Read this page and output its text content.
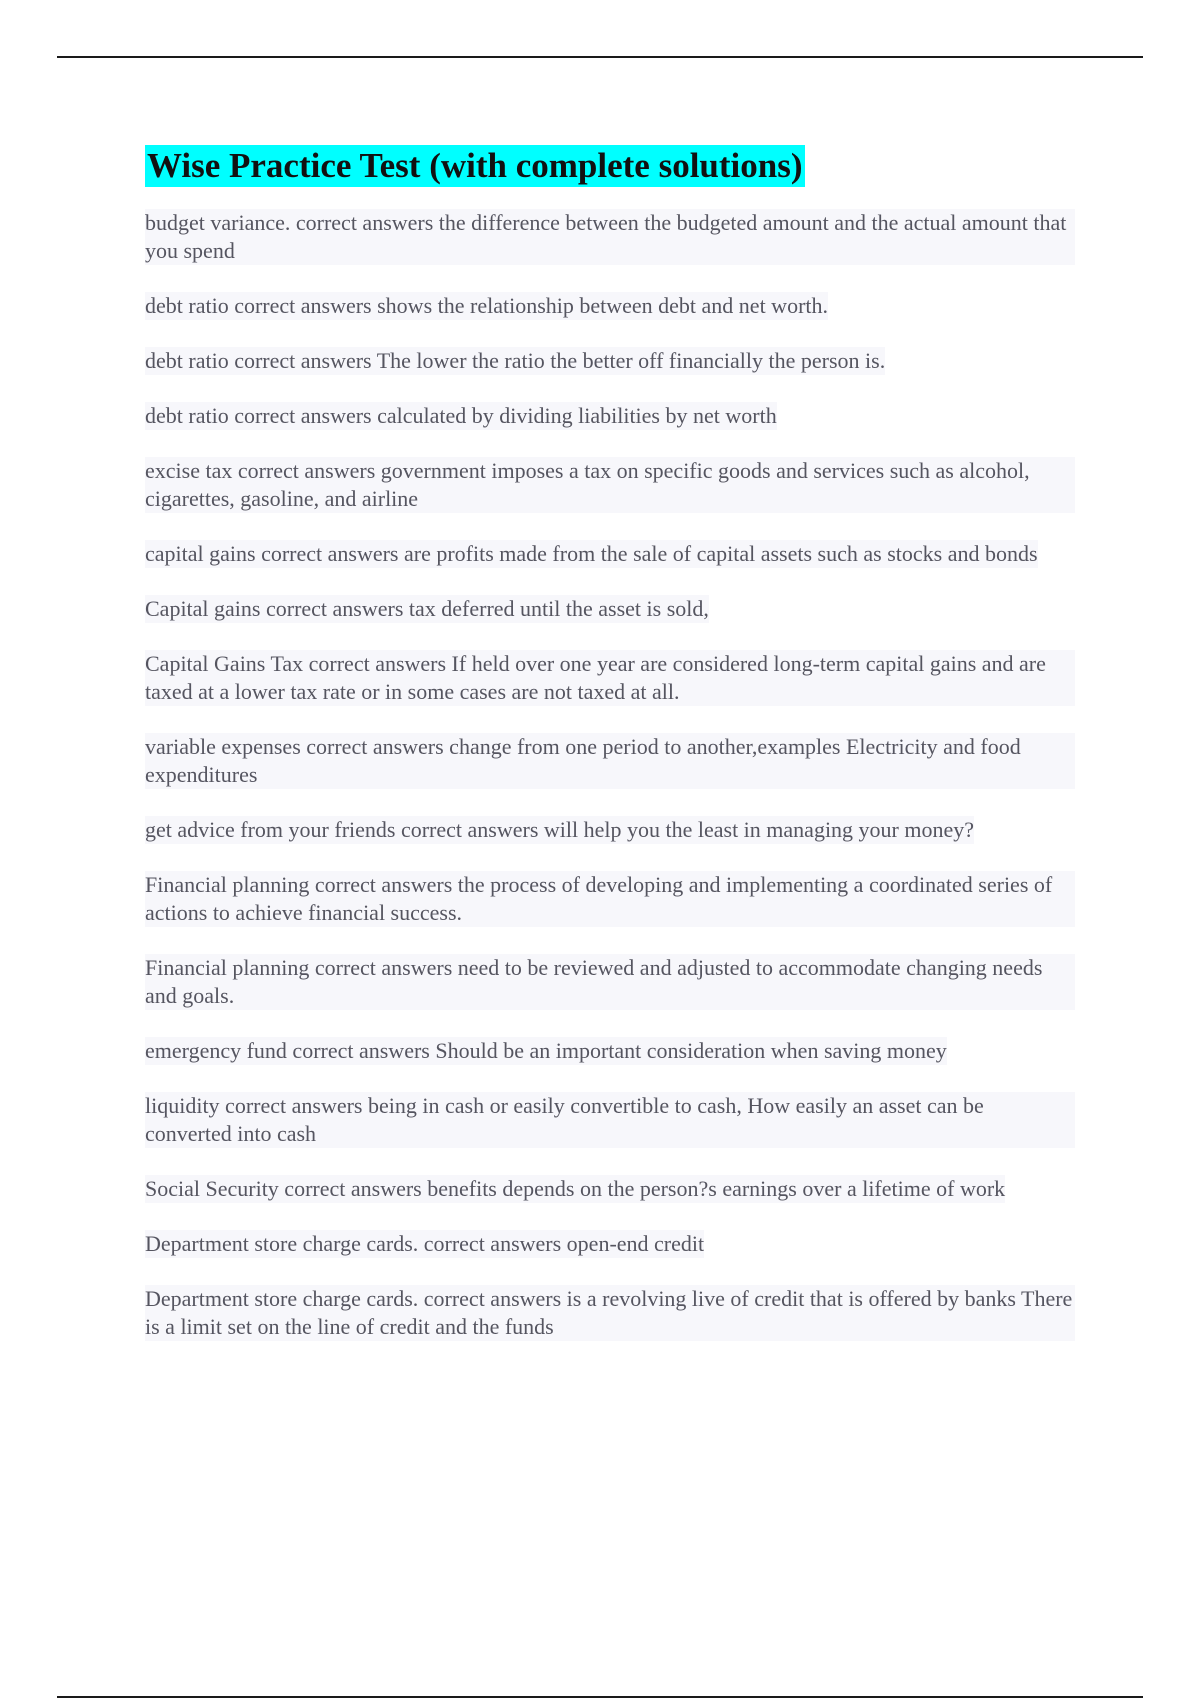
Wise Practice Test (with complete solutions)
budget variance. correct answers the difference between the budgeted amount and the actual amount that you spend
debt ratio correct answers shows the relationship between debt and net worth.
debt ratio correct answers The lower the ratio the better off financially the person is.
debt ratio correct answers calculated by dividing liabilities by net worth
excise tax correct answers government imposes a tax on specific goods and services such as alcohol, cigarettes, gasoline, and airline
capital gains correct answers are profits made from the sale of capital assets such as stocks and bonds
Capital gains correct answers tax deferred until the asset is sold,
Capital Gains Tax correct answers If held over one year are considered long-term capital gains and are taxed at a lower tax rate or in some cases are not taxed at all.
variable expenses correct answers change from one period to another,examples Electricity and food expenditures
get advice from your friends correct answers will help you the least in managing your money?
Financial planning correct answers the process of developing and implementing a coordinated series of actions to achieve financial success.
Financial planning correct answers need to be reviewed and adjusted to accommodate changing needs and goals.
emergency fund correct answers Should be an important consideration when saving money
liquidity correct answers being in cash or easily convertible to cash, How easily an asset can be converted into cash
Social Security correct answers benefits depends on the person?s earnings over a lifetime of work
Department store charge cards. correct answers open-end credit
Department store charge cards. correct answers is a revolving live of credit that is offered by banks There is a limit set on the line of credit and the funds
